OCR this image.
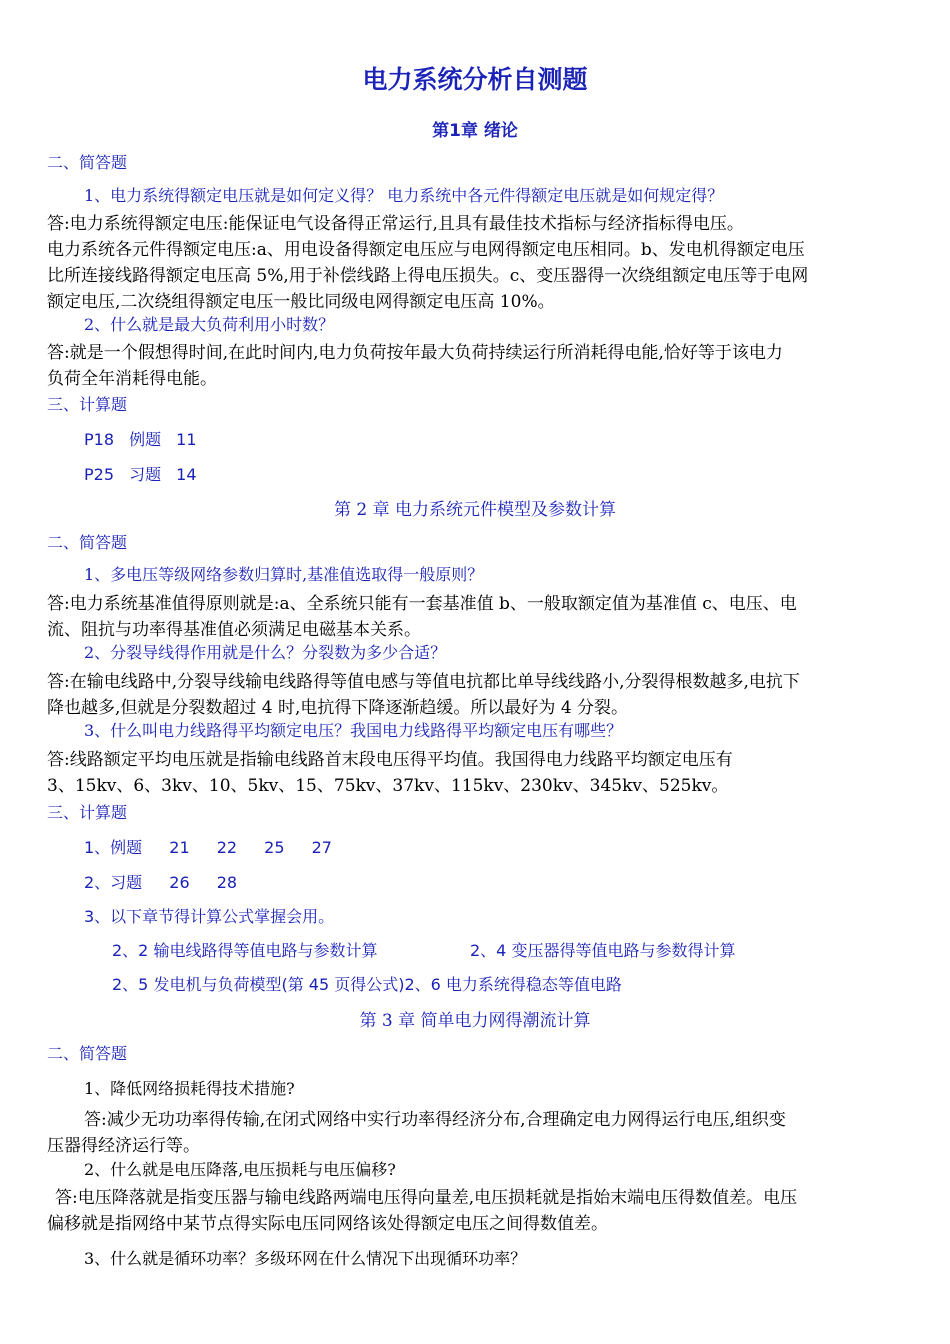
电力系统分析自测题
第1章 绪论
二、简答题
1、电力系统得额定电压就是如何定义得？ 电力系统中各元件得额定电压就是如何规定得？
答:电力系统得额定电压:能保证电气设备得正常运行,且具有最佳技术指标与经济指标得电压。
电力系统各元件得额定电压:a、用电设备得额定电压应与电网得额定电压相同。b、发电机得额定电压
比所连接线路得额定电压高 5%,用于补偿线路上得电压损失。c、变压器得一次绕组额定电压等于电网
额定电压,二次绕组得额定电压一般比同级电网得额定电压高 10%。
2、什么就是最大负荷利用小时数？
答:就是一个假想得时间,在此时间内,电力负荷按年最大负荷持续运行所消耗得电能,恰好等于该电力
负荷全年消耗得电能。
三、计算题
P18 例题 11
P25 习题 14
第 2 章 电力系统元件模型及参数计算
二、简答题
1、多电压等级网络参数归算时,基准值选取得一般原则？
答:电力系统基准值得原则就是:a、全系统只能有一套基准值 b、一般取额定值为基准值 c、电压、电
流、阻抗与功率得基准值必须满足电磁基本关系。
2、分裂导线得作用就是什么？分裂数为多少合适？
答:在输电线路中,分裂导线输电线路得等值电感与等值电抗都比单导线线路小,分裂得根数越多,电抗下
降也越多,但就是分裂数超过 4 时,电抗得下降逐渐趋缓。所以最好为 4 分裂。
3、什么叫电力线路得平均额定电压？我国电力线路得平均额定电压有哪些？
答:线路额定平均电压就是指输电线路首末段电压得平均值。我国得电力线路平均额定电压有
3、15kv、6、3kv、10、5kv、15、75kv、37kv、115kv、230kv、345kv、525kv。
三、计算题
1、例题 21 22 25 27
2、习题 26 28
3、以下章节得计算公式掌握会用。
2、2 输电线路得等值电路与参数计算	2、4 变压器得等值电路与参数得计算
2、5 发电机与负荷模型(第 45 页得公式)2、6 电力系统得稳态等值电路
第 3 章 简单电力网得潮流计算
二、简答题
1、降低网络损耗得技术措施?
答:减少无功功率得传输,在闭式网络中实行功率得经济分布,合理确定电力网得运行电压,组织变
压器得经济运行等。
2、什么就是电压降落,电压损耗与电压偏移?
答:电压降落就是指变压器与输电线路两端电压得向量差,电压损耗就是指始末端电压得数值差。电压
偏移就是指网络中某节点得实际电压同网络该处得额定电压之间得数值差。
3、什么就是循环功率？多级环网在什么情况下出现循环功率？
